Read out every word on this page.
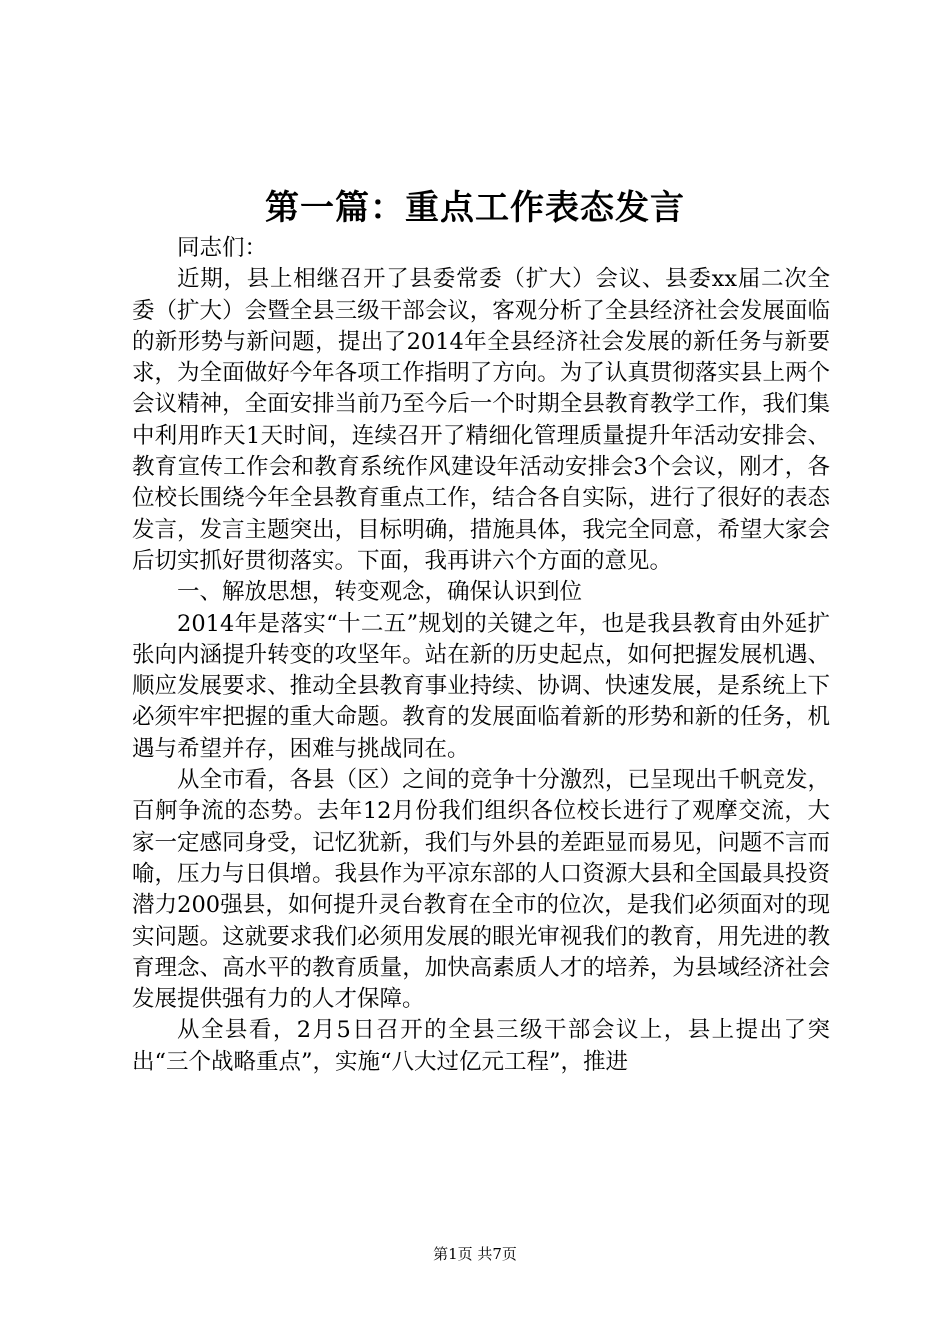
第一篇：重点工作表态发言

同志们：

近期，县上相继召开了县委常委（扩大）会议、县委xx届二次全委（扩大）会暨全县三级干部会议，客观分析了全县经济社会发展面临的新形势与新问题，提出了2014年全县经济社会发展的新任务与新要求，为全面做好今年各项工作指明了方向。为了认真贯彻落实县上两个会议精神，全面安排当前乃至今后一个时期全县教育教学工作，我们集中利用昨天1天时间，连续召开了精细化管理质量提升年活动安排会、教育宣传工作会和教育系统作风建设年活动安排会3个会议，刚才，各位校长围绕今年全县教育重点工作，结合各自实际，进行了很好的表态发言，发言主题突出，目标明确，措施具体，我完全同意，希望大家会后切实抓好贯彻落实。下面，我再讲六个方面的意见。

一、解放思想，转变观念，确保认识到位

2014年是落实“十二五”规划的关键之年，也是我县教育由外延扩张向内涵提升转变的攻坚年。站在新的历史起点，如何把握发展机遇、顺应发展要求、推动全县教育事业持续、协调、快速发展，是系统上下必须牢牢把握的重大命题。教育的发展面临着新的形势和新的任务，机遇与希望并存，困难与挑战同在。

从全市看，各县（区）之间的竞争十分激烈，已呈现出千帆竞发，百舸争流的态势。去年12月份我们组织各位校长进行了观摩交流，大家一定感同身受，记忆犹新，我们与外县的差距显而易见，问题不言而喻，压力与日俱增。我县作为平凉东部的人口资源大县和全国最具投资潜力200强县，如何提升灵台教育在全市的位次，是我们必须面对的现实问题。这就要求我们必须用发展的眼光审视我们的教育，用先进的教育理念、高水平的教育质量，加快高素质人才的培养，为县域经济社会发展提供强有力的人才保障。

从全县看，2月5日召开的全县三级干部会议上，县上提出了突出“三个战略重点”，实施“八大过亿元工程”，推进

第1页 共7页
